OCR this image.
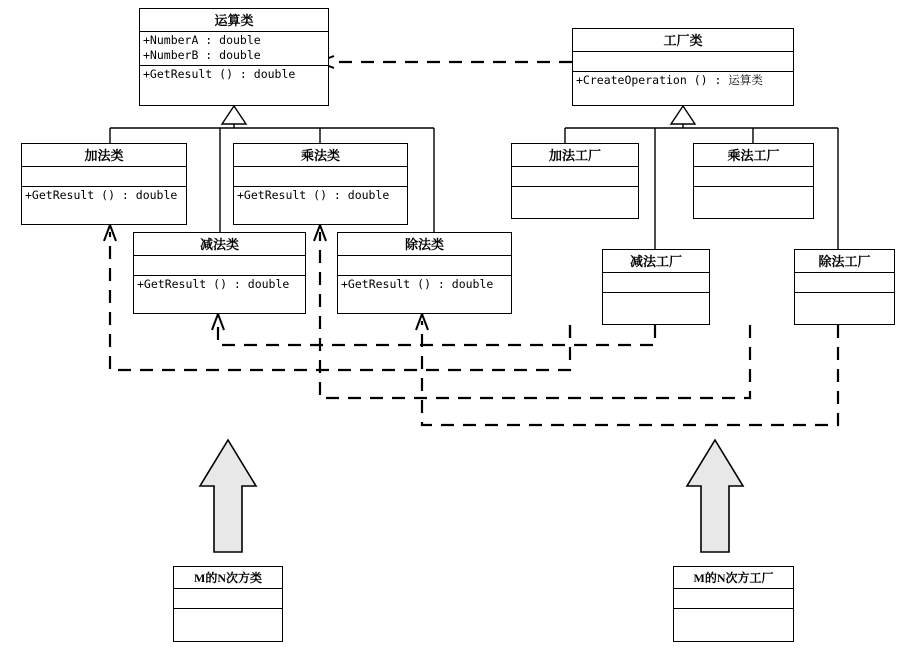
运算类
+NumberA : double
+NumberB : double
+GetResult () : double
工厂类
+CreateOperation () : 运算类
加法类
+GetResult () : double
乘法类
+GetResult () : double
减法类
+GetResult () : double
除法类
+GetResult () : double
加法工厂	乘法工厂
减法工厂	除法工厂
M的N次方类	M的N次方工厂
